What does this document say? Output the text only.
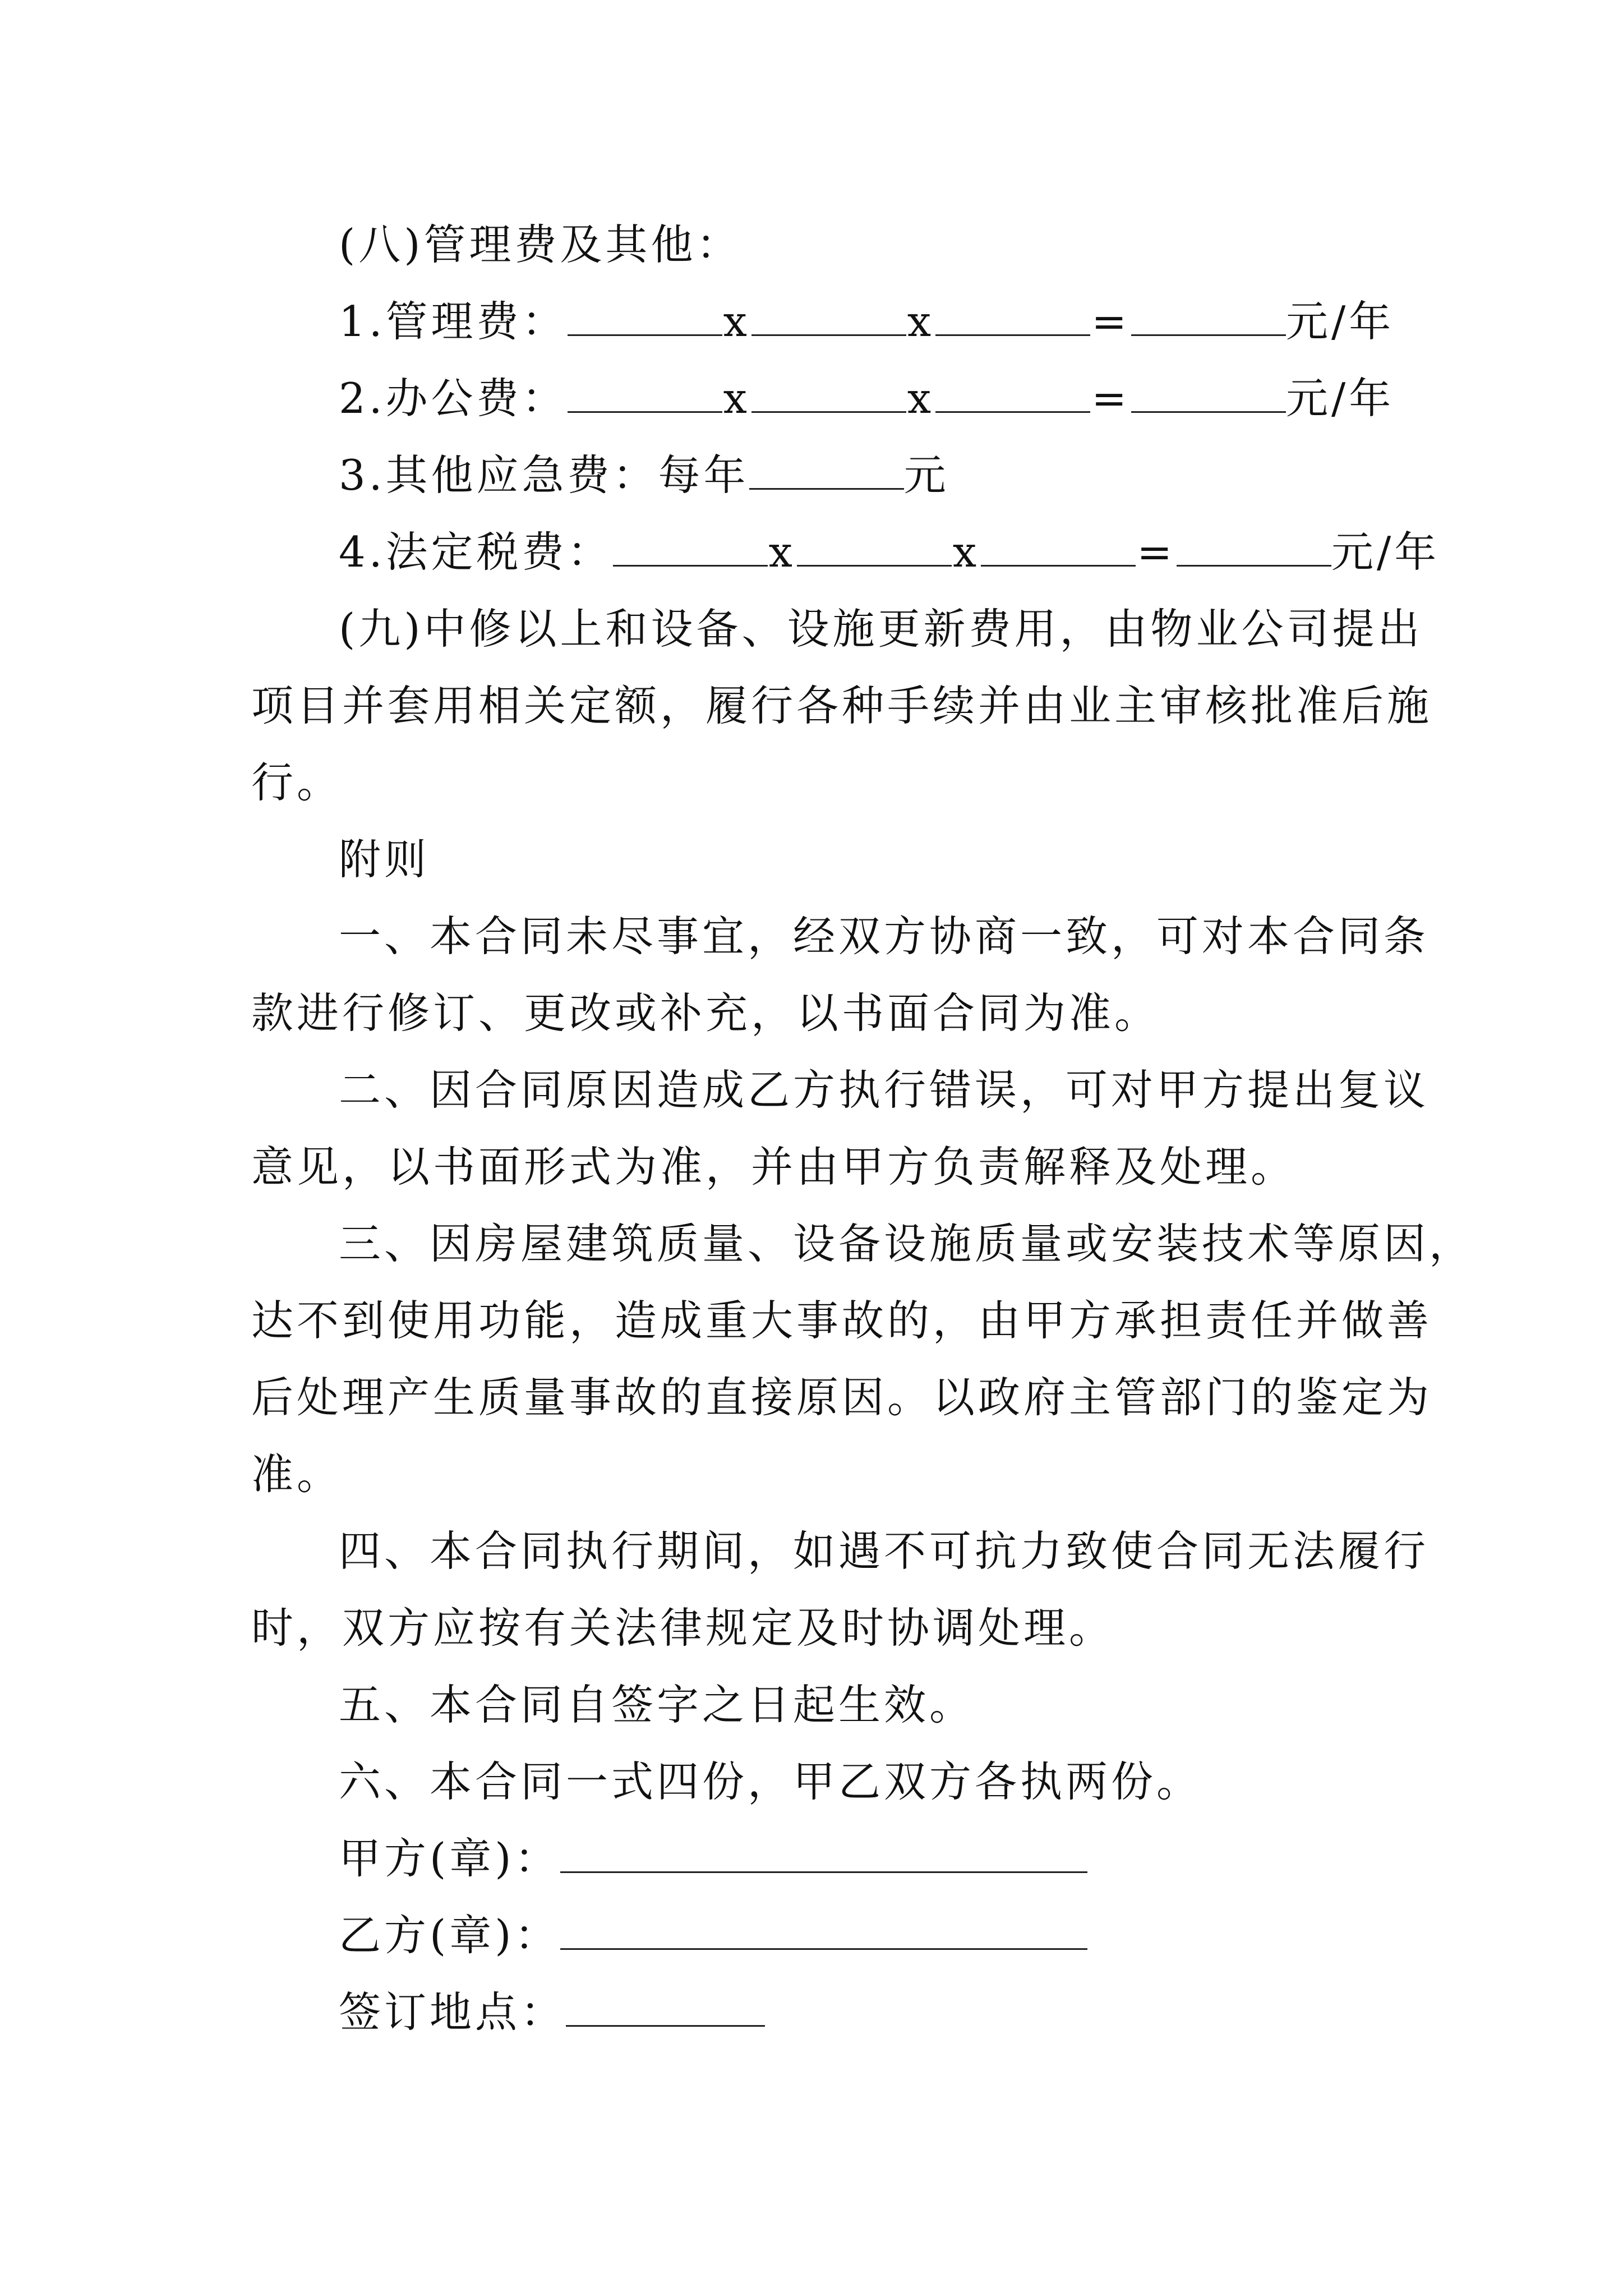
(八)管理费及其他：

1.管理费：	x	x	=	元/年

2.办公费：	x	x	=	元/年

3.其他应急费：每年	元

4.法定税费：	x	x	=	元/年

(九)中修以上和设备、设施更新费用，由物业公司提出

项目并套用相关定额，履行各种手续并由业主审核批准后施

行。

附则

一、本合同未尽事宜，经双方协商一致，可对本合同条

款进行修订、更改或补充，以书面合同为准。

二、因合同原因造成乙方执行错误，可对甲方提出复议

意见，以书面形式为准，并由甲方负责解释及处理。

三、因房屋建筑质量、设备设施质量或安装技术等原因，

达不到使用功能，造成重大事故的，由甲方承担责任并做善

后处理产生质量事故的直接原因。以政府主管部门的鉴定为

准。

四、本合同执行期间，如遇不可抗力致使合同无法履行

时，双方应按有关法律规定及时协调处理。

五、本合同自签字之日起生效。

六、本合同一式四份，甲乙双方各执两份。

甲方(章)：

乙方(章)：

签订地点：
